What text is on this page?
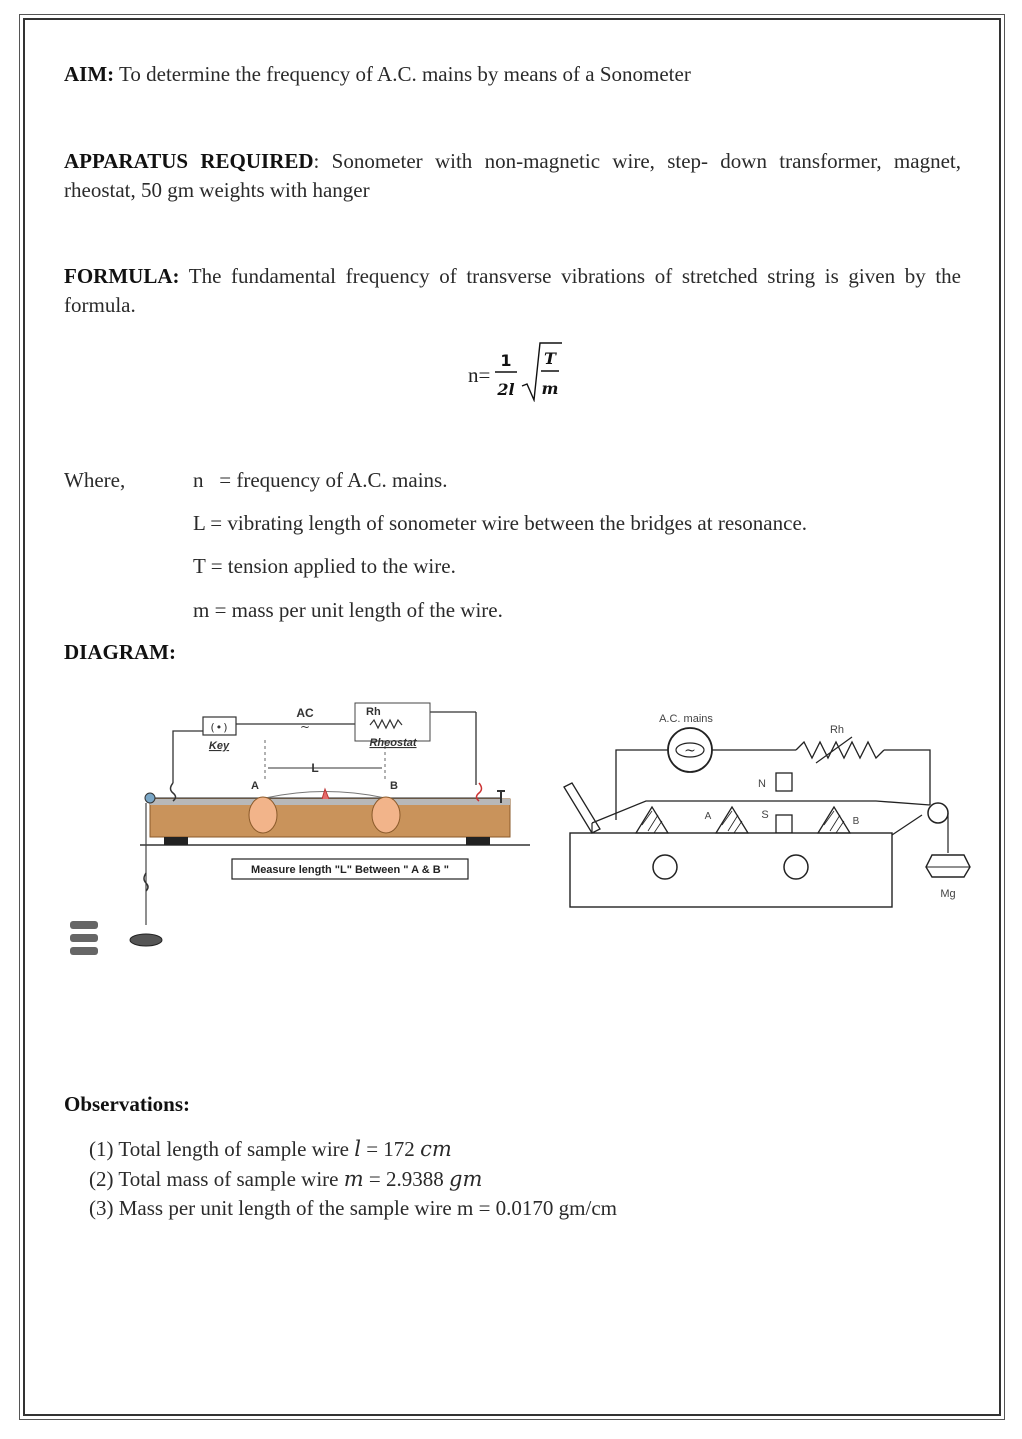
AIM: To determine the frequency of A.C. mains by means of a Sonometer
APPARATUS REQUIRED: Sonometer with non-magnetic wire, step- down transformer, magnet, rheostat, 50 gm weights with hanger
FORMULA: The fundamental frequency of transverse vibrations of stretched string is given by the formula.
n=
1
2l
T
m
Where,	n   = frequency of A.C. mains.
L = vibrating length of sonometer wire between the bridges at resonance.
T = tension applied to the wire.
m = mass per unit length of the wire.
DIAGRAM:
(•)
Key
AC
~
Rh
Rheostat
L
A	B
Measure length "L" Between " A & B "
A.C. mains
~
Rh
N
S
A	B
Mg
Observations:
(1) Total length of sample wire l = 172 cm
(2) Total mass of sample wire m = 2.9388 gm
(3) Mass per unit length of the sample wire m = 0.0170 gm/cm
